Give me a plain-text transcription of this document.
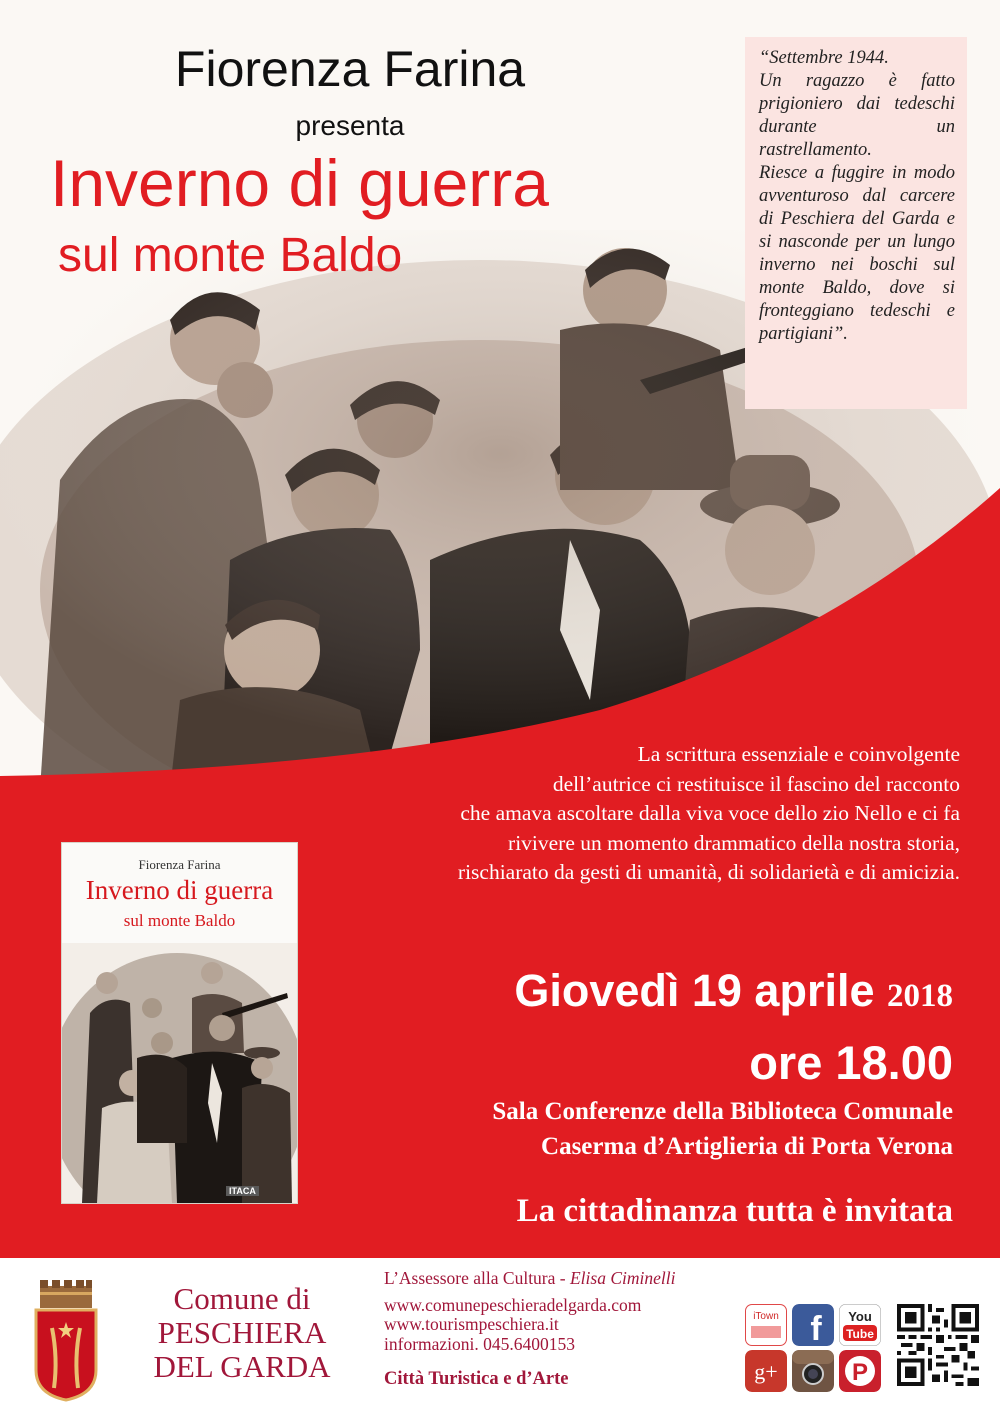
Fiorenza Farina
presenta
Inverno di guerra
sul monte Baldo
“Settembre 1944.
Un ragazzo è fatto prigioniero dai tedeschi durante un rastrellamento.
Riesce a fuggire in modo avventuroso dal carcere di Peschiera del Garda e si nasconde per un lungo inverno nei boschi sul monte Baldo, dove si fronteggiano tedeschi e partigiani”.
La scrittura essenziale e coinvolgente
dell’autrice ci restituisce il fascino del racconto
che amava ascoltare dalla viva voce dello zio Nello e ci fa
rivivere un momento drammatico della nostra storia,
rischiarato da gesti di umanità, di solidarietà e di amicizia.
Fiorenza Farina
Inverno di guerra
sul monte Baldo
ITACA
Giovedì 19 aprile 2018
ore 18.00
Sala Conferenze della Biblioteca Comunale
Caserma d’Artiglieria di Porta Verona
La cittadinanza tutta è invitata
Comune di
PESCHIERA
DEL GARDA
L’Assessore alla Cultura - Elisa Ciminelli
www.comunepeschieradelgarda.com
www.tourismpeschiera.it
informazioni. 045.6400153
Città Turistica e d’Arte
iTown f You
Tube
g+	P
